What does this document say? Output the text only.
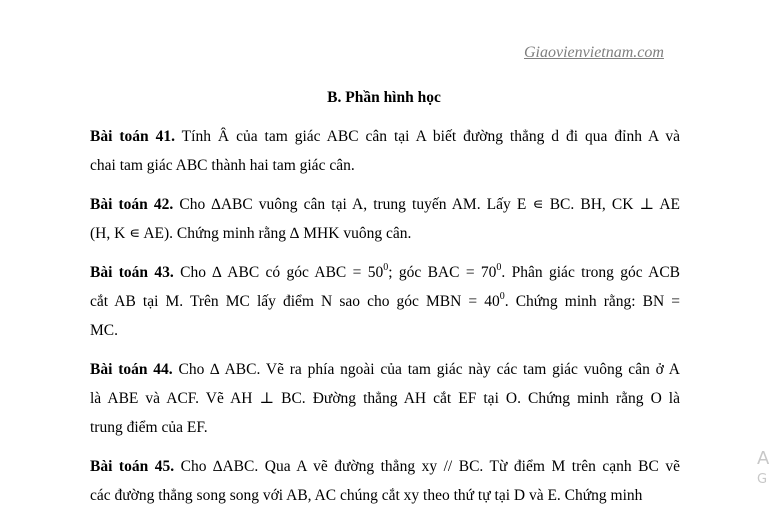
Giaovienvietnam.com
B. Phần hình học
Bài toán 41. Tính Â của tam giác ABC cân tại A biết đường thẳng d đi qua đỉnh A và
chai tam giác ABC thành hai tam giác cân.
Bài toán 42. Cho ∆ABC vuông cân tại A, trung tuyến AM. Lấy E ∊ BC. BH, CK ⊥ AE
(H, K ∊ AE). Chứng minh rằng ∆ MHK vuông cân.
Bài toán 43. Cho ∆ ABC có góc ABC = $50^0$; góc BAC = $70^0$. Phân giác trong góc ACB
cắt AB tại M. Trên MC lấy điểm N sao cho góc MBN = $40^0$. Chứng minh rằng: BN =
MC.
Bài toán 44. Cho ∆ ABC. Vẽ ra phía ngoài của tam giác này các tam giác vuông cân ở A
là ABE và ACF. Vẽ AH ⊥ BC. Đường thẳng AH cắt EF tại O. Chứng minh rằng O là
trung điểm của EF.
Bài toán 45. Cho ∆ABC. Qua A vẽ đường thẳng xy // BC. Từ điểm M trên cạnh BC vẽ
các đường thẳng song song với AB, AC chúng cắt xy theo thứ tự tại D và E. Chứng minh
A
G
